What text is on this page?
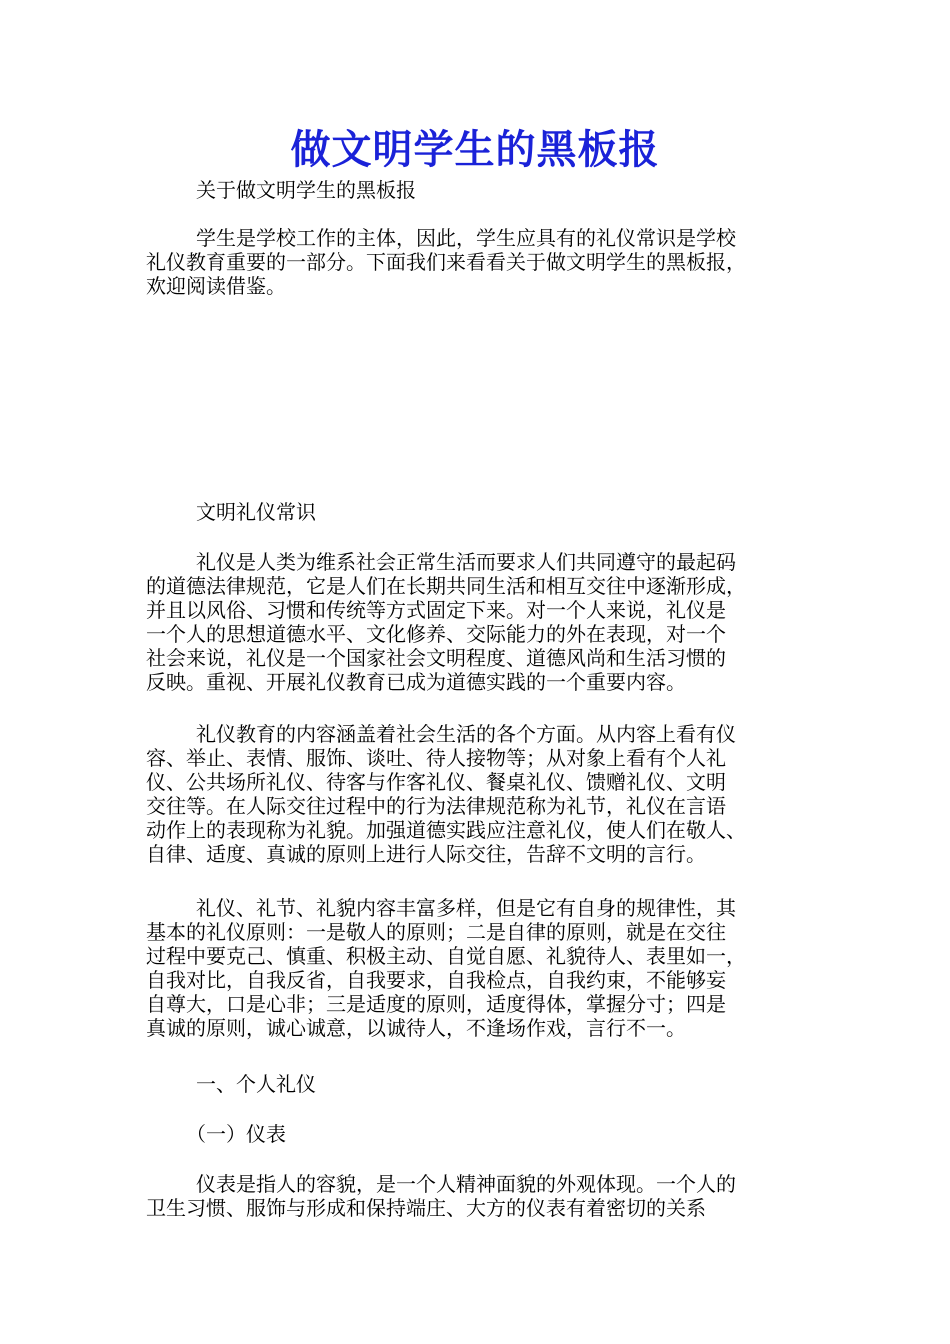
做文明学生的黑板报

关于做文明学生的黑板报

学生是学校工作的主体，因此，学生应具有的礼仪常识是学校
礼仪教育重要的一部分。下面我们来看看关于做文明学生的黑板报，
欢迎阅读借鉴。

文明礼仪常识

礼仪是人类为维系社会正常生活而要求人们共同遵守的最起码
的道德法律规范，它是人们在长期共同生活和相互交往中逐渐形成，
并且以风俗、习惯和传统等方式固定下来。对一个人来说，礼仪是
一个人的思想道德水平、文化修养、交际能力的外在表现，对一个
社会来说，礼仪是一个国家社会文明程度、道德风尚和生活习惯的
反映。重视、开展礼仪教育已成为道德实践的一个重要内容。

礼仪教育的内容涵盖着社会生活的各个方面。从内容上看有仪
容、举止、表情、服饰、谈吐、待人接物等；从对象上看有个人礼
仪、公共场所礼仪、待客与作客礼仪、餐桌礼仪、馈赠礼仪、文明
交往等。在人际交往过程中的行为法律规范称为礼节，礼仪在言语
动作上的表现称为礼貌。加强道德实践应注意礼仪，使人们在敬人、
自律、适度、真诚的原则上进行人际交往，告辞不文明的言行。

礼仪、礼节、礼貌内容丰富多样，但是它有自身的规律性，其
基本的礼仪原则：一是敬人的原则；二是自律的原则，就是在交往
过程中要克己、慎重、积极主动、自觉自愿、礼貌待人、表里如一，
自我对比，自我反省，自我要求，自我检点，自我约束，不能够妄
自尊大，口是心非；三是适度的原则，适度得体，掌握分寸；四是
真诚的原则，诚心诚意，以诚待人，不逢场作戏，言行不一。

一、个人礼仪

（一）仪表

仪表是指人的容貌，是一个人精神面貌的外观体现。一个人的
卫生习惯、服饰与形成和保持端庄、大方的仪表有着密切的关系
